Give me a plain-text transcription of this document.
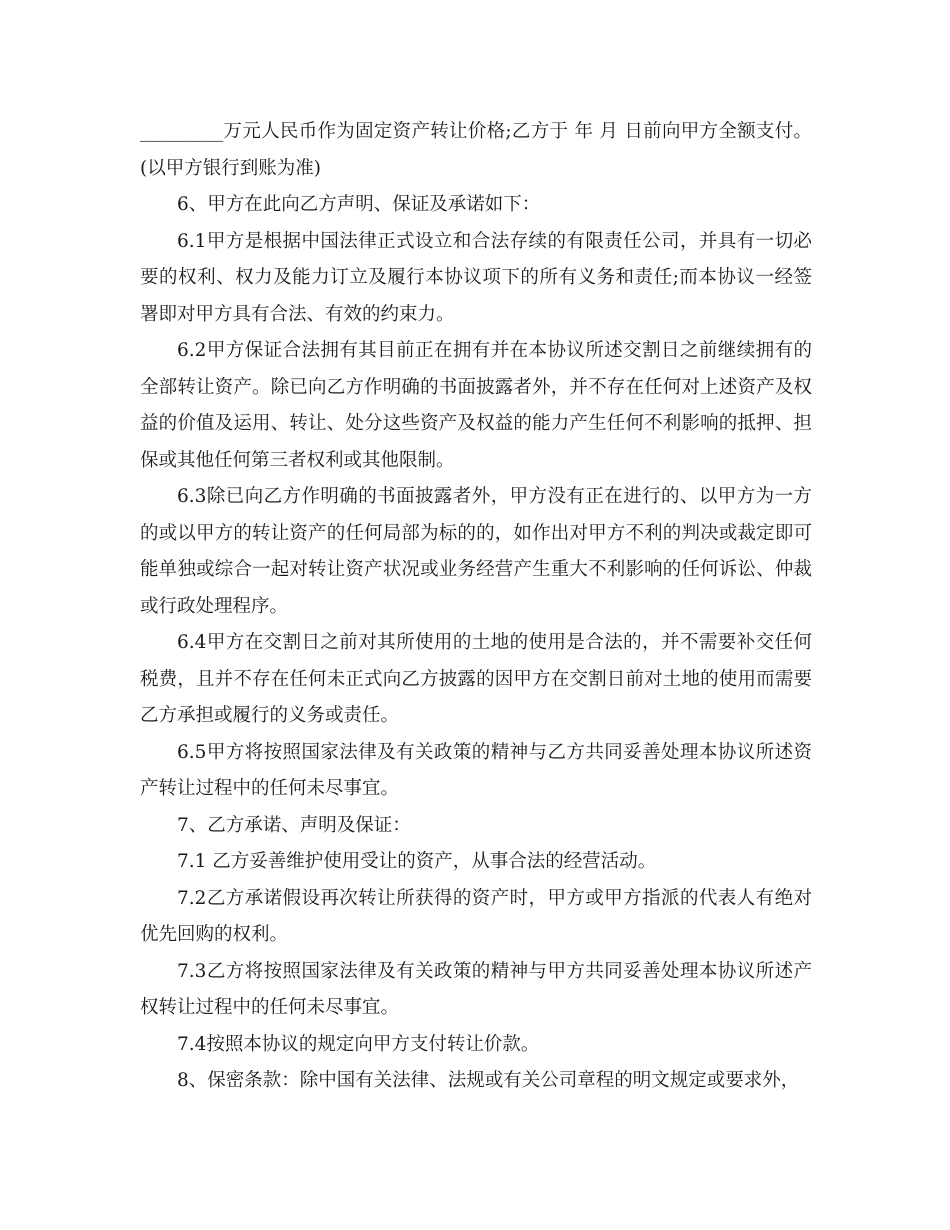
_________万元人民币作为固定资产转让价格;乙方于 年 月 日前向甲方全额支付。(以甲方银行到账为准)

6、甲方在此向乙方声明、保证及承诺如下：

6.1甲方是根据中国法律正式设立和合法存续的有限责任公司，并具有一切必要的权利、权力及能力订立及履行本协议项下的所有义务和责任;而本协议一经签署即对甲方具有合法、有效的约束力。

6.2甲方保证合法拥有其目前正在拥有并在本协议所述交割日之前继续拥有的全部转让资产。除已向乙方作明确的书面披露者外，并不存在任何对上述资产及权益的价值及运用、转让、处分这些资产及权益的能力产生任何不利影响的抵押、担保或其他任何第三者权利或其他限制。

6.3除已向乙方作明确的书面披露者外，甲方没有正在进行的、以甲方为一方的或以甲方的转让资产的任何局部为标的的，如作出对甲方不利的判决或裁定即可能单独或综合一起对转让资产状况或业务经营产生重大不利影响的任何诉讼、仲裁或行政处理程序。

6.4甲方在交割日之前对其所使用的土地的使用是合法的，并不需要补交任何税费，且并不存在任何未正式向乙方披露的因甲方在交割日前对土地的使用而需要乙方承担或履行的义务或责任。

6.5甲方将按照国家法律及有关政策的精神与乙方共同妥善处理本协议所述资产转让过程中的任何未尽事宜。

7、乙方承诺、声明及保证：

7.1 乙方妥善维护使用受让的资产，从事合法的经营活动。

7.2乙方承诺假设再次转让所获得的资产时，甲方或甲方指派的代表人有绝对优先回购的权利。

7.3乙方将按照国家法律及有关政策的精神与甲方共同妥善处理本协议所述产权转让过程中的任何未尽事宜。

7.4按照本协议的规定向甲方支付转让价款。

8、保密条款：除中国有关法律、法规或有关公司章程的明文规定或要求外，
